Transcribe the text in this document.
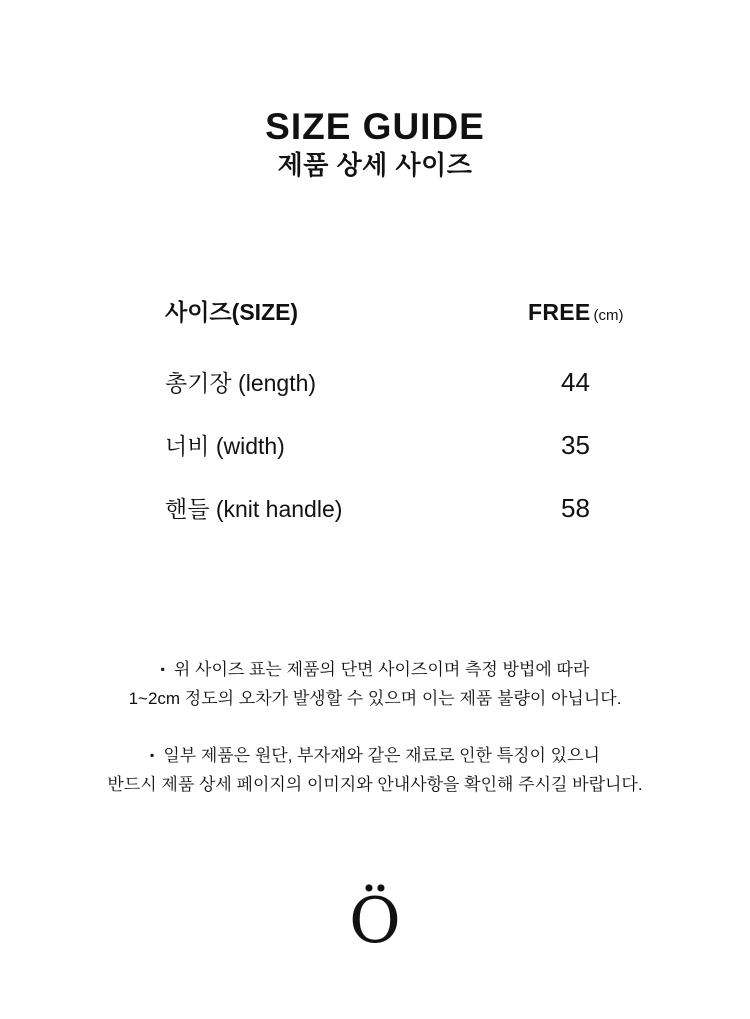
SIZE GUIDE
제품 상세 사이즈
사이즈(SIZE)	FREE (cm)
총기장 (length)	44
너비 (width)	35
핸들 (knit handle)	58

▪ 위 사이즈 표는 제품의 단면 사이즈이며 측정 방법에 따라
1~2cm 정도의 오차가 발생할 수 있으며 이는 제품 불량이 아닙니다.

▪ 일부 제품은 원단, 부자재와 같은 재료로 인한 특징이 있으니
반드시 제품 상세 페이지의 이미지와 안내사항을 확인해 주시길 바랍니다.

Ö
